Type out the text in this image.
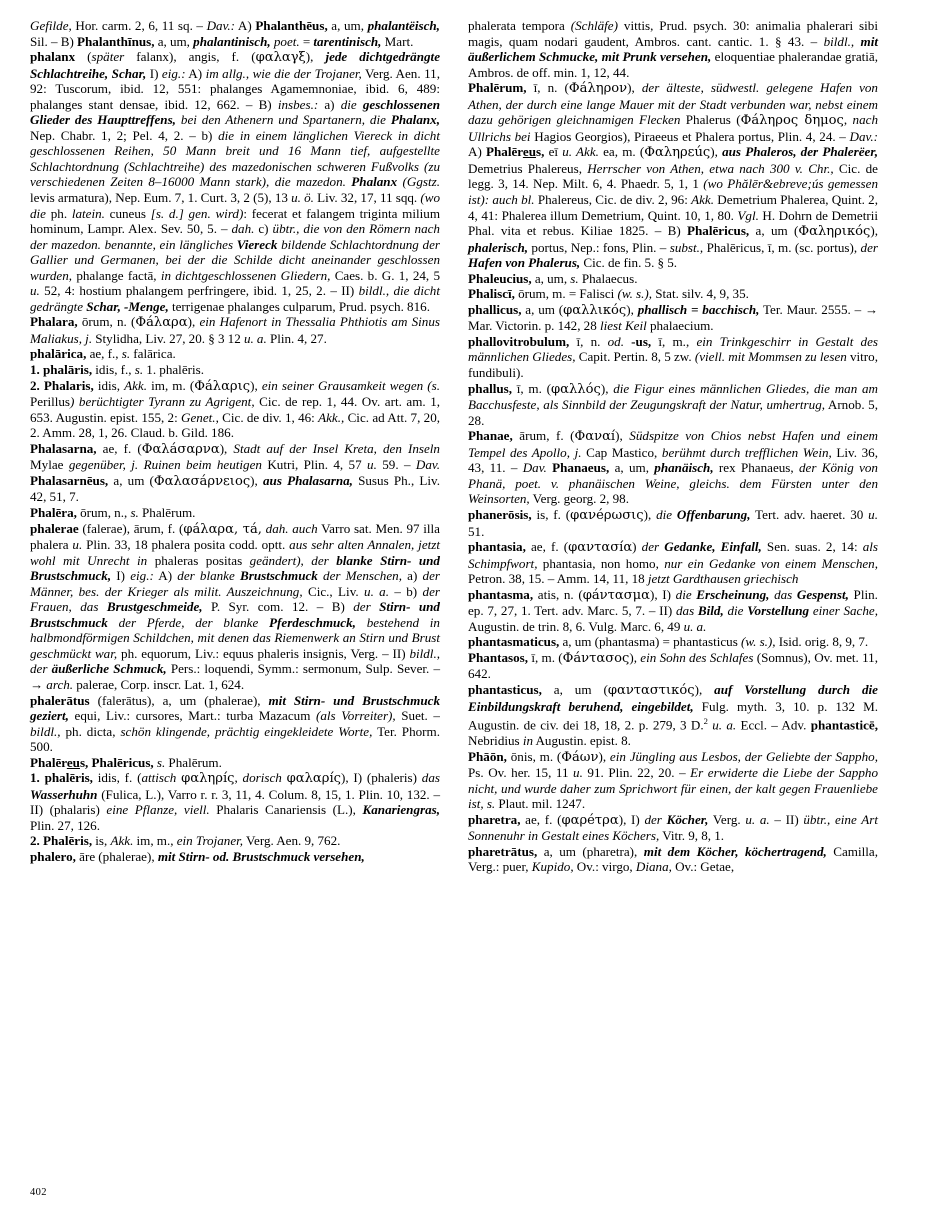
Gefilde, Hor. carm. 2, 6, 11 sq. – Dav.: A) Phalanthēus, a, um, phalantëisch, Sil. – B) Phalanthīnus, a, um, phalantinisch, poet. = tarentinisch, Mart.

phalanx (später falanx), angis, f. (φαλαγξ), jede dichtgedrängte Schlachtreihe, Schar, I) eig.: A) im allg., wie die der Trojaner, Verg. Aen. 11, 92: Tuscorum, ibid. 12, 551: phalanges Agamemnoniae, ibid. 6, 489: phalanges stant densae, ibid. 12, 662. – B) insbes.: a) die geschlossenen Glieder des Haupttreffens, bei den Athenern und Spartanern, die Phalanx, Nep. Chabr. 1, 2; Pel. 4, 2. – b) die in einem länglichen Viereck in dicht geschlossenen Reihen, 50 Mann breit und 16 Mann tief, aufgestellte Schlachtordnung (Schlachtreihe) des mazedonischen schweren Fußvolks (zu verschiedenen Zeiten 8–16000 Mann stark), die mazedon. Phalanx (Ggstz. levis armatura), Nep. Eum. 7, 1. Curt. 3, 2 (5), 13 u. ö. Liv. 32, 17, 11 sqq. (wo die ph. latein. cuneus [s. d.] gen. wird): fecerat et falangem triginta milium hominum, Lampr. Alex. Sev. 50, 5. – dah. c) übtr., die von den Römern nach der mazedon. benannte, ein längliches Viereck bildende Schlachtordnung der Gallier und Germanen, bei der die Schilde dicht aneinander geschlossen wurden, phalange factā, in dichtgeschlossenen Gliedern, Caes. b. G. 1, 24, 5 u. 52, 4: hostium phalangem perfringere, ibid. 1, 25, 2. – II) bildl., die dicht gedrängte Schar, -Menge, terrigenae phalanges culparum, Prud. psych. 816.

Phalara, ōrum, n. (Φáλαρα), ein Hafenort in Thessalia Phthiotis am Sinus Maliakus, j. Stylidha, Liv. 27, 20. § 3 12 u. a. Plin. 4, 27.

phalārica, ae, f., s. falārica.

1. phalāris, idis, f., s. 1. phalēris.

2. Phalaris, idis, Akk. im, m. (Φáλαρις), ein seiner Grausamkeit wegen (s. Perillus) berüchtigter Tyrann zu Agrigent, Cic. de rep. 1, 44. Ov. art. am. 1, 653. Augustin. epist. 155, 2: Genet., Cic. de div. 1, 46: Akk., Cic. ad Att. 7, 20, 2. Amm. 28, 1, 26. Claud. b. Gild. 186.

Phalasarna, ae, f. (Φαλáσαρνα), Stadt auf der Insel Kreta, den Inseln Mylae gegenüber, j. Ruinen beim heutigen Kutri, Plin. 4, 57 u. 59. – Dav. Phalasarnēus, a, um (Φαλασáρνειος), aus Phalasarna, Susus Ph., Liv. 42, 51, 7.

Phalēra, ōrum, n., s. Phalērum.

phalerae (falerae), ārum, f. (φáλαρα, τá, dah. auch Varro sat. Men. 97 illa phalera u. Plin. 33, 18 phalera posita codd. optt. aus sehr alten Annalen, jetzt wohl mit Unrecht in phaleras positas geändert), der blanke Stirn- und Brustschmuck, I) eig.: A) der blanke Brustschmuck der Menschen, a) der Männer, bes. der Krieger als milit. Auszeichnung, Cic., Liv. u. a. – b) der Frauen, das Brustgeschmeide, P. Syr. com. 12. – B) der Stirn- und Brustschmuck der Pferde, der blanke Pferdeschmuck, bestehend in halbmondförmigen Schildchen, mit denen das Riemenwerk an Stirn und Brust geschmückt war, ph. equorum, Liv.: equus phaleris insignis, Verg. – II) bildl., der äußerliche Schmuck, Pers.: loquendi, Symm.: sermonum, Sulp. Sever. – → arch. palerae, Corp. inscr. Lat. 1, 624.

phalerātus (falerātus), a, um (phalerae), mit Stirn- und Brustschmuck geziert, equi, Liv.: cursores, Mart.: turba Mazacum (als Vorreiter), Suet. – bildl., ph. dicta, schön klingende, prächtig eingekleidete Worte, Ter. Phorm. 500.

Phalēreus, Phalēricus, s. Phalērum.

1. phalēris, idis, f. (attisch φαληρíς, dorisch φαλαρíς), I) (phaleris) das Wasserhuhn (Fulica, L.), Varro r. r. 3, 11, 4. Colum. 8, 15, 1. Plin. 10, 132. – II) (phalaris) eine Pflanze, viell. Phalaris Canariensis (L.), Kanariengras, Plin. 27, 126.

2. Phalēris, is, Akk. im, m., ein Trojaner, Verg. Aen. 9, 762.

phalero, āre (phalerae), mit Stirn- od. Brustschmuck versehen,

phalerata tempora (Schläfe) vittis, Prud. psych. 30: animalia phalerari sibi magis, quam nodari gaudent, Ambros. cant. cantic. 1. § 43. – bildl., mit äußerlichem Schmucke, mit Prunk versehen, eloquentiae phalerandae gratiā, Ambros. de off. min. 1, 12, 44.

Phalērum, ī, n. (Φáληρον), der älteste, südwestl. gelegene Hafen von Athen, der durch eine lange Mauer mit der Stadt verbunden war, nebst einem dazu gehörigen gleichnamigen Flecken Phalerus (Φáληρος δημος, nach Ullrichs bei Hagios Georgios), Piraeeus et Phalera portus, Plin. 4, 24. – Dav.: A) Phalēreus, eī u. Akk. ea, m. (Φαληρεúς), aus Phaleros, der Phalerëer, Demetrius Phalereus, Herrscher von Athen, etwa nach 300 v. Chr., Cic. de legg. 3, 14. Nep. Milt. 6, 4. Phaedr. 5, 1, 1 (wo Phălēr&ebreve;ús gemessen ist): auch bl. Phalereus, Cic. de div. 2, 96: Akk. Demetrium Phalerea, Quint. 2, 4, 41: Phalerea illum Demetrium, Quint. 10, 1, 80. Vgl. H. Dohrn de Demetrii Phal. vita et rebus. Kiliae 1825. – B) Phalēricus, a, um (Φαληρικóς), phalerisch, portus, Nep.: fons, Plin. – subst., Phalēricus, ī, m. (sc. portus), der Hafen von Phalerus, Cic. de fin. 5. § 5.

Phaleucius, a, um, s. Phalaecus.

Phaliscī, ōrum, m. = Falisci (w. s.), Stat. silv. 4, 9, 35.

phallicus, a, um (φαλλικóς), phallisch = bacchisch, Ter. Maur. 2555. – → Mar. Victorin. p. 142, 28 liest Keil phalaecium.

phallovitrobulum, ī, n. od. -us, ī, m., ein Trinkgeschirr in Gestalt des männlichen Gliedes, Capit. Pertin. 8, 5 zw. (viell. mit Mommsen zu lesen vitro, fundibuli).

phallus, ī, m. (φαλλóς), die Figur eines männlichen Gliedes, die man am Bacchusfeste, als Sinnbild der Zeugungskraft der Natur, umhertrug, Arnob. 5, 28.

Phanae, ārum, f. (Φαναí), Südspitze von Chios nebst Hafen und einem Tempel des Apollo, j. Cap Mastico, berühmt durch trefflichen Wein, Liv. 36, 43, 11. – Dav. Phanaeus, a, um, phanäisch, rex Phanaeus, der König von Phanä, poet. v. phanäischen Weine, gleichs. dem Fürsten unter den Weinsorten, Verg. georg. 2, 98.

phanerōsis, is, f. (φανéρωσις), die Offenbarung, Tert. adv. haeret. 30 u. 51.

phantasia, ae, f. (φαντασíα) der Gedanke, Einfall, Sen. suas. 2, 14: als Schimpfwort, phantasia, non homo, nur ein Gedanke von einem Menschen, Petron. 38, 15. – Amm. 14, 11, 18 jetzt Gardthausen griechisch

phantasma, atis, n. (φáντασμα), I) die Erscheinung, das Gespenst, Plin. ep. 7, 27, 1. Tert. adv. Marc. 5, 7. – II) das Bild, die Vorstellung einer Sache, Augustin. de trin. 8, 6. Vulg. Marc. 6, 49 u. a.

phantasmaticus, a, um (phantasma) = phantasticus (w. s.), Isid. orig. 8, 9, 7.

Phantasos, ī, m. (Φáντασος), ein Sohn des Schlafes (Somnus), Ov. met. 11, 642.

phantasticus, a, um (φανταστικóς), auf Vorstellung durch die Einbildungskraft beruhend, eingebildet, Fulg. myth. 3, 10. p. 132 M. Augustin. de civ. dei 18, 18, 2. p. 279, 3 D.$^2$ u. a. Eccl. – Adv. phantasticē, Nebridius in Augustin. epist. 8.

Phāōn, ōnis, m. (Φáων), ein Jüngling aus Lesbos, der Geliebte der Sappho, Ps. Ov. her. 15, 11 u. 91. Plin. 22, 20. – Er erwiderte die Liebe der Sappho nicht, und wurde daher zum Sprichwort für einen, der kalt gegen Frauenliebe ist, s. Plaut. mil. 1247.

pharetra, ae, f. (φαρéτρα), I) der Köcher, Verg. u. a. – II) übtr., eine Art Sonnenuhr in Gestalt eines Köchers, Vitr. 9, 8, 1.

pharetrātus, a, um (pharetra), mit dem Köcher, köchertragend, Camilla, Verg.: puer, Kupido, Ov.: virgo, Diana, Ov.: Getae,

402
